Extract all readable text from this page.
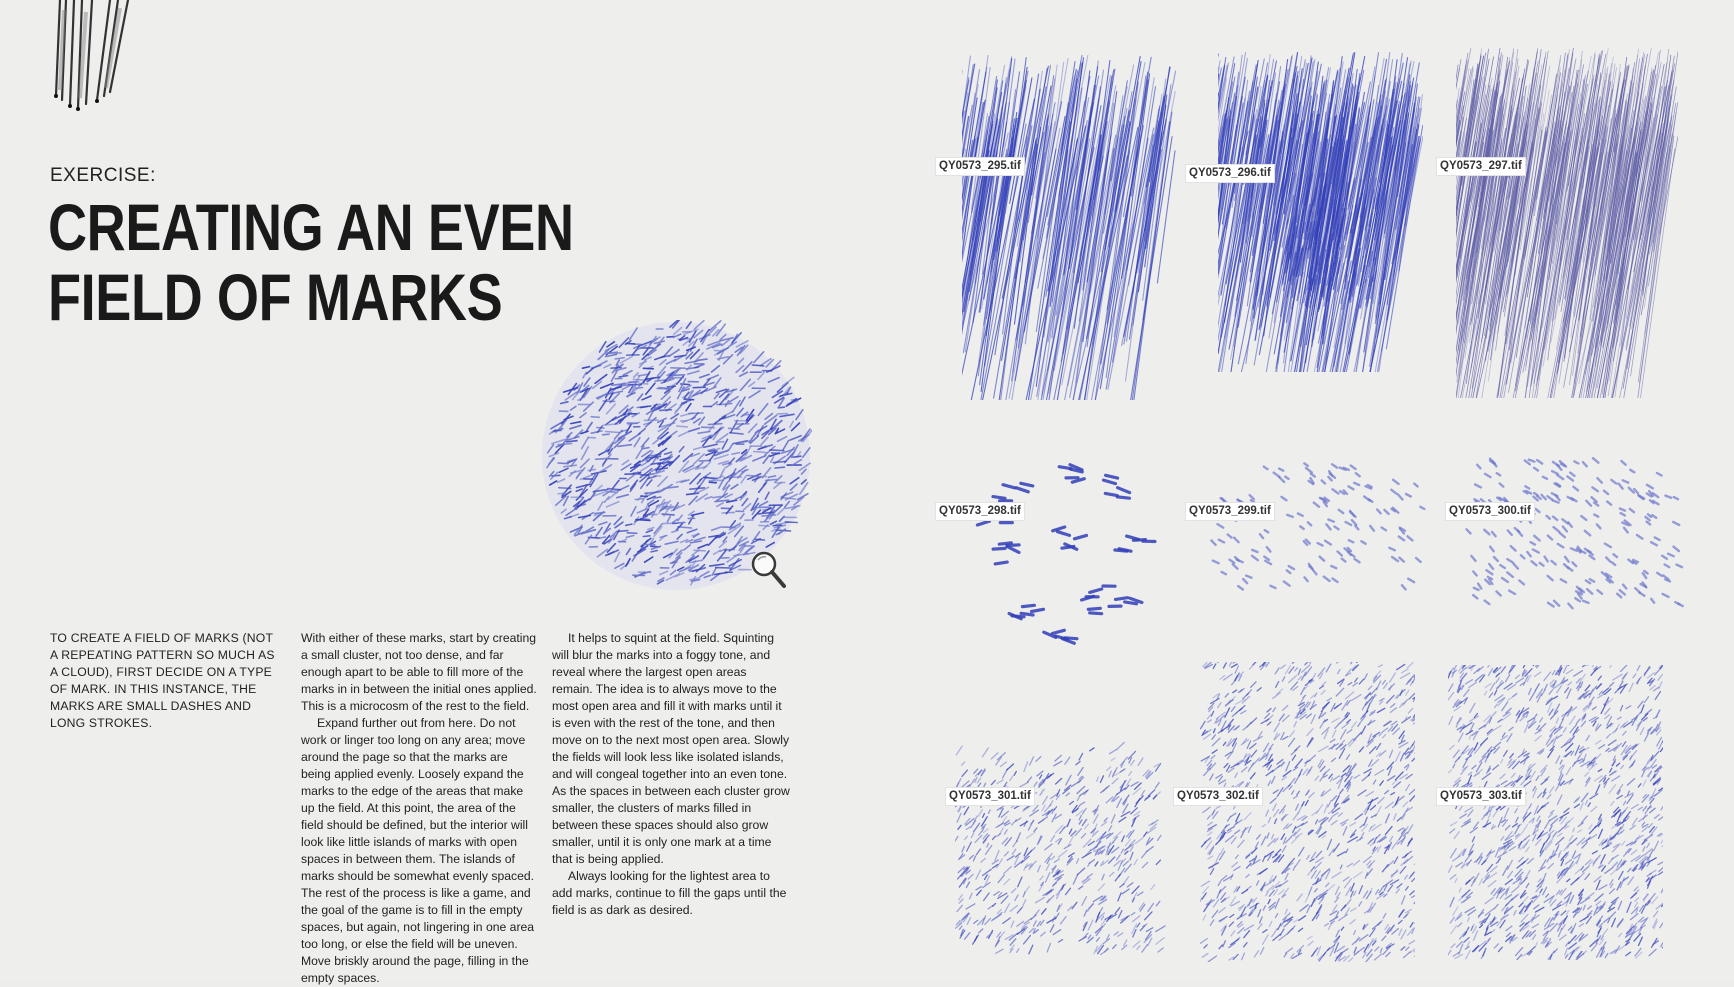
EXERCISE:
CREATING AN EVEN
FIELD OF MARKS

TO CREATE A FIELD OF MARKS (NOT A REPEATING PATTERN SO MUCH AS A CLOUD), FIRST DECIDE ON A TYPE OF MARK. IN THIS INSTANCE, THE MARKS ARE SMALL DASHES AND LONG STROKES.

With either of these marks, start by creating a small cluster, not too dense, and far enough apart to be able to fill more of the marks in in between the initial ones applied. This is a microcosm of the rest to the field.

Expand further out from here. Do not work or linger too long on any area; move around the page so that the marks are being applied evenly. Loosely expand the marks to the edge of the areas that make up the field. At this point, the area of the field should be defined, but the interior will look like little islands of marks with open spaces in between them. The islands of marks should be somewhat evenly spaced. The rest of the process is like a game, and the goal of the game is to fill in the empty spaces, but again, not lingering in one area too long, or else the field will be uneven. Move briskly around the page, filling in the empty spaces.

It helps to squint at the field. Squinting will blur the marks into a foggy tone, and reveal where the largest open areas remain. The idea is to always move to the most open area and fill it with marks until it is even with the rest of the tone, and then move on to the next most open area. Slowly the fields will look less like isolated islands, and will congeal together into an even tone. As the spaces in between each cluster grow smaller, the clusters of marks filled in between these spaces should also grow smaller, until it is only one mark at a time that is being applied.

Always looking for the lightest area to add marks, continue to fill the gaps until the field is as dark as desired.

QY0573_295.tif
QY0573_296.tif
QY0573_297.tif
QY0573_298.tif	QY0573_299.tif	QY0573_300.tif
QY0573_301.tif	QY0573_302.tif	QY0573_303.tif
